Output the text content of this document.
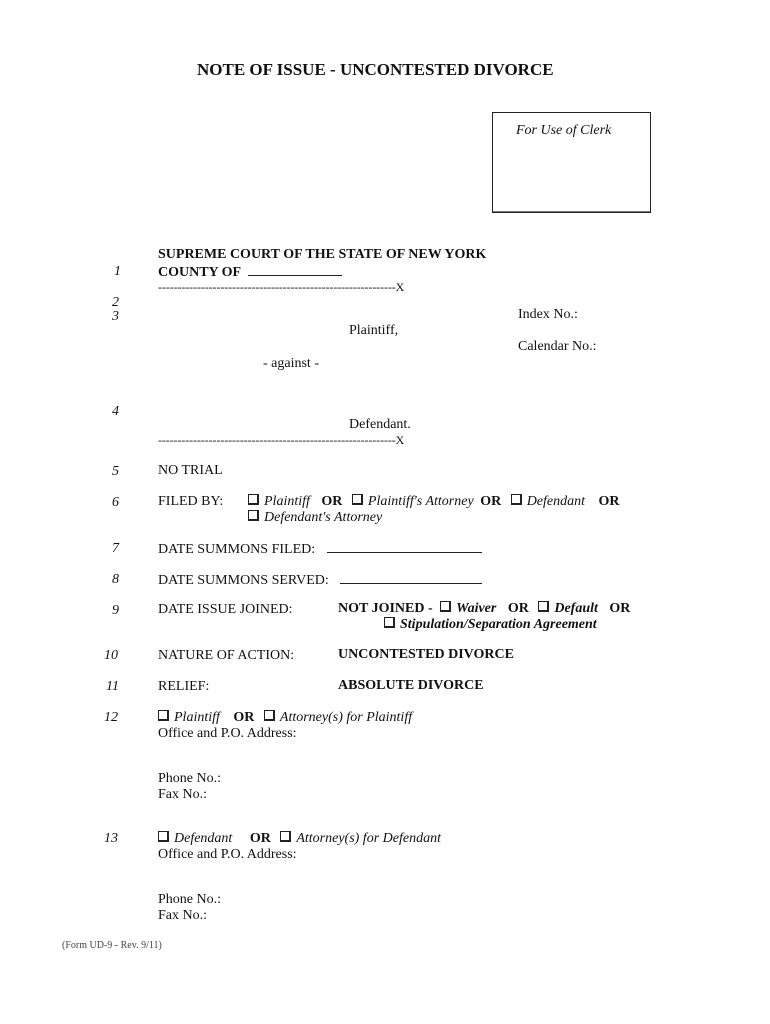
NOTE OF ISSUE - UNCONTESTED DIVORCE
For Use of Clerk
SUPREME COURT OF THE STATE OF NEW YORK
COUNTY OF
-------------------------------------------------------------X
Index No.:
Plaintiff,
Calendar No.:
- against -
Defendant.
-------------------------------------------------------------X
1
2
3
4
5
6
7
8
9
10
11
12
13
NO TRIAL
FILED BY:	Plaintiff OR Plaintiff's Attorney OR Defendant OR
Defendant's Attorney
DATE SUMMONS FILED:
DATE SUMMONS SERVED:
DATE ISSUE JOINED:	NOT JOINED - Waiver OR Default OR
Stipulation/Separation Agreement
NATURE OF ACTION:	UNCONTESTED DIVORCE
RELIEF:	ABSOLUTE DIVORCE
Plaintiff OR Attorney(s) for Plaintiff
Office and P.O. Address:
Phone No.:
Fax No.:
Defendant OR Attorney(s) for Defendant
Office and P.O. Address:
Phone No.:
Fax No.:
(Form UD-9 - Rev. 9/11)
